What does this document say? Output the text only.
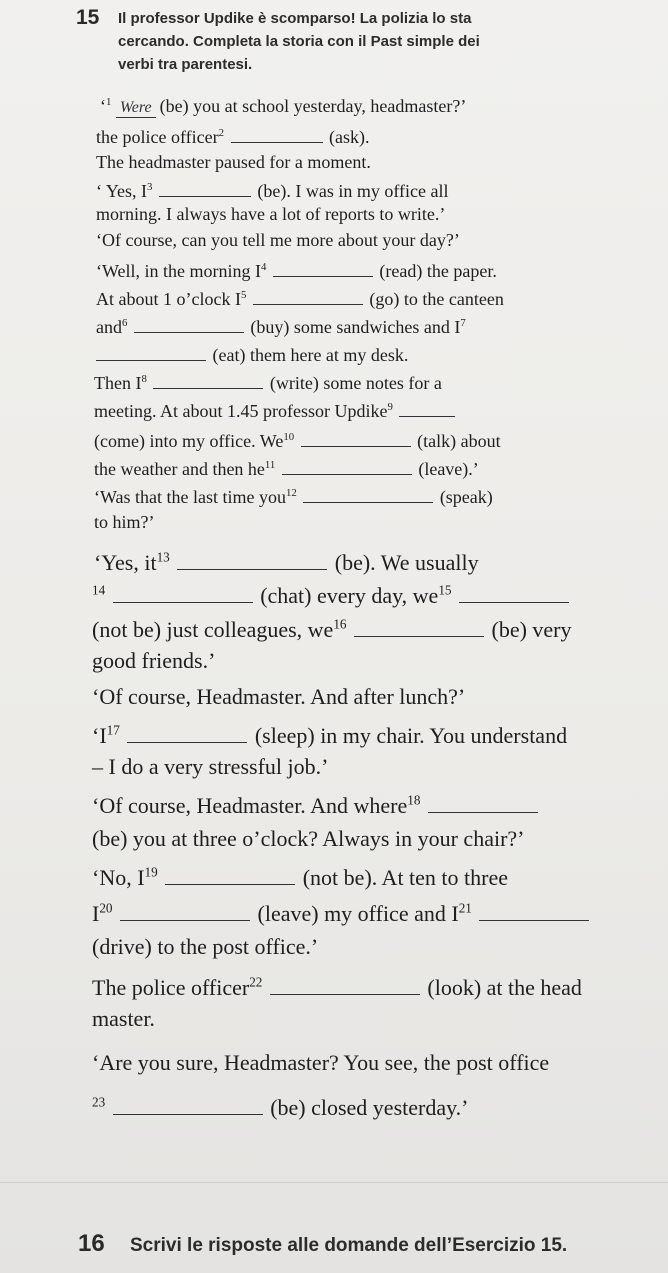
15 Il professor Updike è scomparso! La polizia lo sta
cercando. Completa la storia con il Past simple dei
verbi tra parentesi.
‘$^1$ Were (be) you at school yesterday, headmaster?’
the police officer$^2$	(ask).
The headmaster paused for a moment.
‘ Yes, $I^3$	(be). I was in my office all
morning. I always have a lot of reports to write.’
‘Of course, can you tell me more about your day?’
‘Well, in the morning $I^4$	(read) the paper.
At about 1 o’clock $I^5$	(go) to the canteen
and$^6$	(buy) some sandwiches and $I^7$
(eat) them here at my desk.
Then $I^8$	(write) some notes for a
meeting. At about 1.45 professor Updike$^9$
(come) into my office. We$^{10}$	(talk) about
the weather and then $he^{11}$	(leave).’
‘Was that the last time you$^{12}$	(speak)
to him?’
‘Yes, $it^{13}$	(be). We usually
$^{14}$	(chat) every day, $we^{15}$
(not be) just colleagues, $we^{16}$	(be) very
good friends.’
‘Of course, Headmaster. And after lunch?’
‘$I^{17}$	(sleep) in my chair. You understand
– I do a very stressful job.’
‘Of course, Headmaster. And where$^{18}$
(be) you at three o’clock? Always in your chair?’
‘No, $I^{19}$	(not be). At ten to three
$I^{20}$	(leave) my office and $I^{21}$
(drive) to the post office.’
The police officer$^{22}$	(look) at the head
master.
‘Are you sure, Headmaster? You see, the post office
$^{23}$	(be) closed yesterday.’
16 Scrivi le risposte alle domande dell’Esercizio 15.
